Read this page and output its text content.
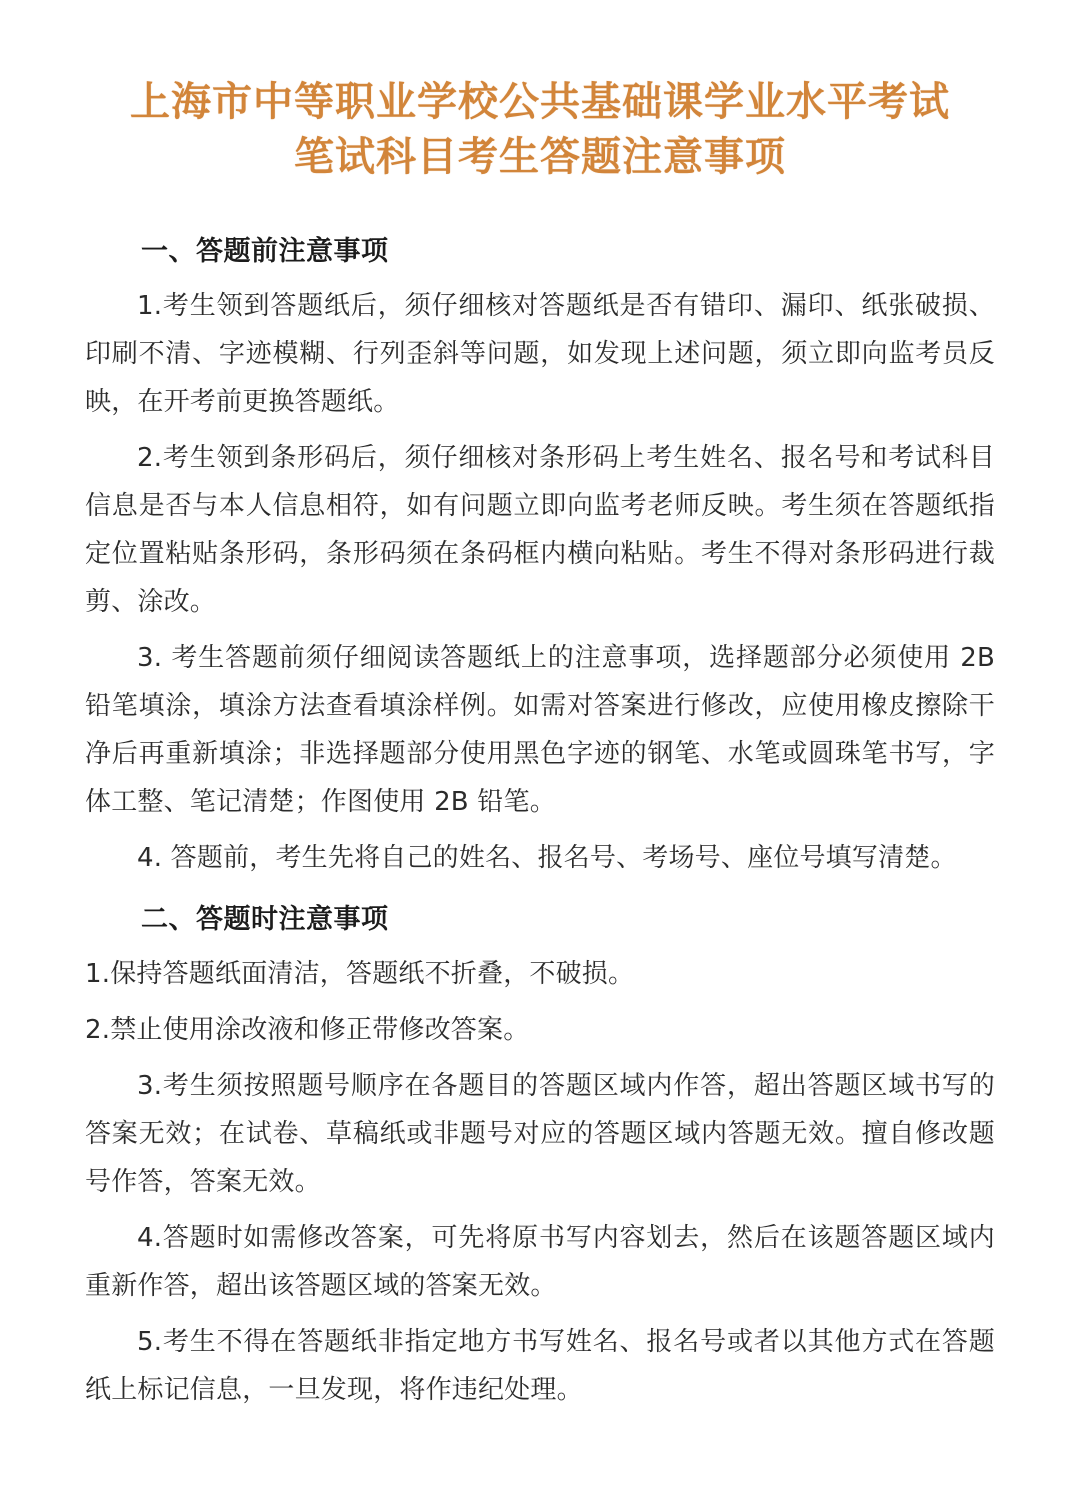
上海市中等职业学校公共基础课学业水平考试
笔试科目考生答题注意事项
一、答题前注意事项

1.考生领到答题纸后，须仔细核对答题纸是否有错印、漏印、纸张破损、印刷不清、字迹模糊、行列歪斜等问题，如发现上述问题，须立即向监考员反映，在开考前更换答题纸。

2.考生领到条形码后，须仔细核对条形码上考生姓名、报名号和考试科目信息是否与本人信息相符，如有问题立即向监考老师反映。考生须在答题纸指定位置粘贴条形码，条形码须在条码框内横向粘贴。考生不得对条形码进行裁剪、涂改。

3. 考生答题前须仔细阅读答题纸上的注意事项，选择题部分必须使用 2B 铅笔填涂，填涂方法查看填涂样例。如需对答案进行修改，应使用橡皮擦除干净后再重新填涂；非选择题部分使用黑色字迹的钢笔、水笔或圆珠笔书写，字体工整、笔记清楚；作图使用 2B 铅笔。

4. 答题前，考生先将自己的姓名、报名号、考场号、座位号填写清楚。

二、答题时注意事项

1.保持答题纸面清洁，答题纸不折叠，不破损。

2.禁止使用涂改液和修正带修改答案。

3.考生须按照题号顺序在各题目的答题区域内作答，超出答题区域书写的答案无效；在试卷、草稿纸或非题号对应的答题区域内答题无效。擅自修改题号作答，答案无效。

4.答题时如需修改答案，可先将原书写内容划去，然后在该题答题区域内重新作答，超出该答题区域的答案无效。

5.考生不得在答题纸非指定地方书写姓名、报名号或者以其他方式在答题纸上标记信息，一旦发现，将作违纪处理。
